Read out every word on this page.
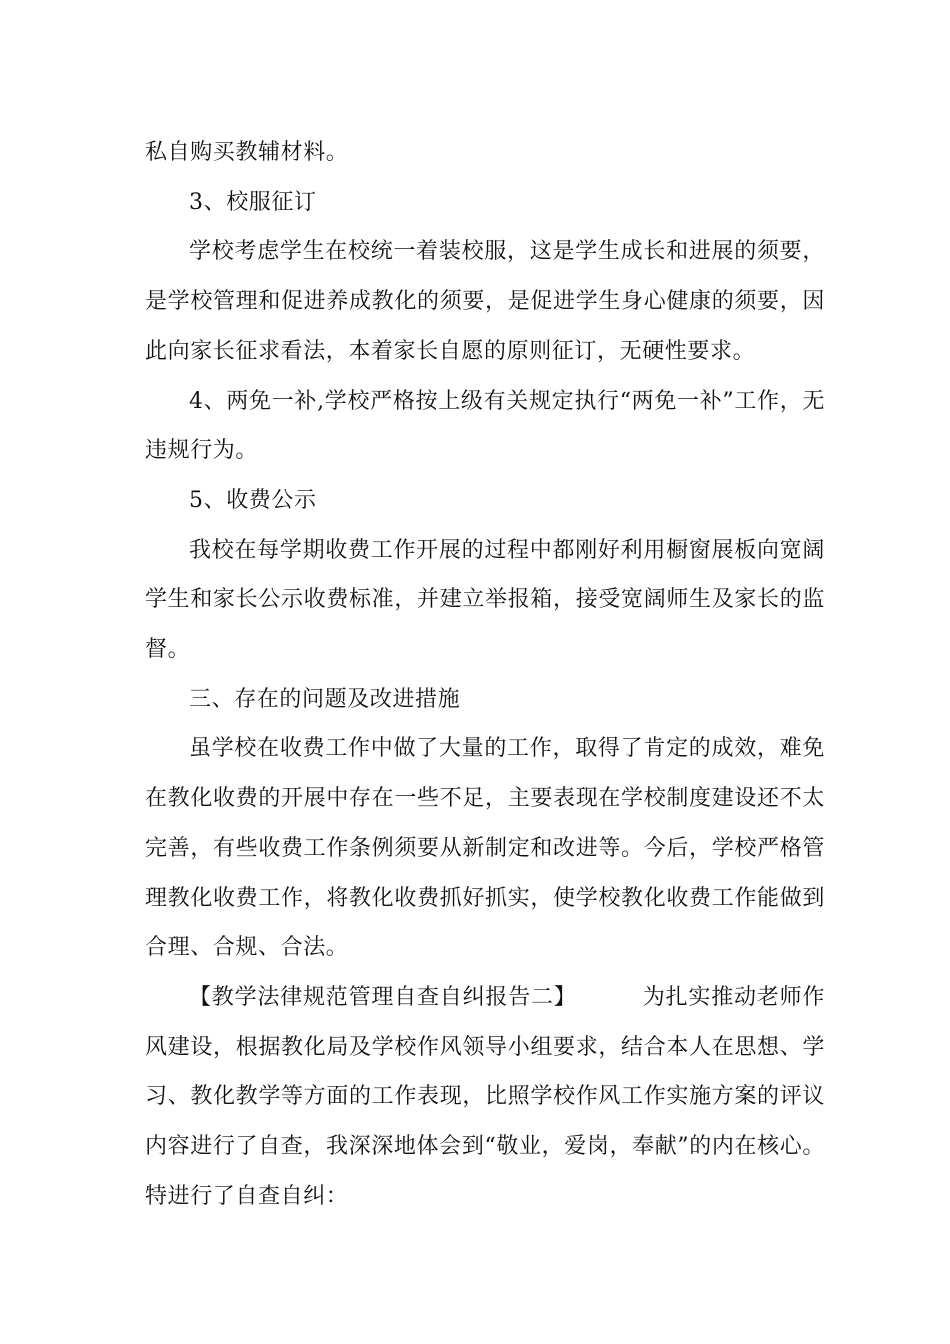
私自购买教辅材料。

3、校服征订

学校考虑学生在校统一着装校服，这是学生成长和进展的须要，是学校管理和促进养成教化的须要，是促进学生身心健康的须要，因此向家长征求看法，本着家长自愿的原则征订，无硬性要求。

4、两免一补,学校严格按上级有关规定执行“两免一补”工作，无违规行为。

5、收费公示

我校在每学期收费工作开展的过程中都刚好利用橱窗展板向宽阔学生和家长公示收费标准，并建立举报箱，接受宽阔师生及家长的监督。

三、存在的问题及改进措施

虽学校在收费工作中做了大量的工作，取得了肯定的成效，难免在教化收费的开展中存在一些不足，主要表现在学校制度建设还不太完善，有些收费工作条例须要从新制定和改进等。今后，学校严格管理教化收费工作，将教化收费抓好抓实，使学校教化收费工作能做到合理、合规、合法。

【教学法律规范管理自查自纠报告二】	为扎实推动老师作风建设，根据教化局及学校作风领导小组要求，结合本人在思想、学习、教化教学等方面的工作表现，比照学校作风工作实施方案的评议内容进行了自查，我深深地体会到“敬业，爱岗，奉献”的内在核心。特进行了自查自纠：
